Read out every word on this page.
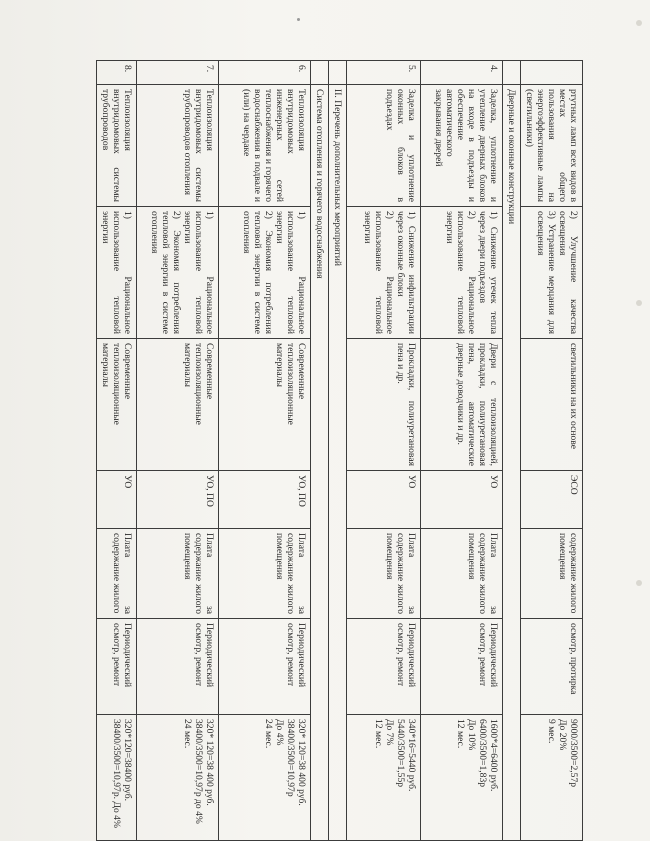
	ртутных ламп всех видов в местах общего пользования на энергоэффективные лампы (светильники)	2) Улучшение качества освещения
3) Устранение мерцания для освещения	светильники на их основе	ЭСО	содержание жилого помещения	осмотр, протирка	9000/3500=2,57р
До 20%
9 мес.
	Дверные и оконные конструкции						
4.	Заделка, уплотнение и утепление дверных блоков на входе в подъезды и обеспечение автоматического закрывания дверей	1) Снижение утечек тепла через двери подъездов
2) Рациональное использование тепловой энергии	Двери с теплоизоляцией, прокладки, полиуретановая пена, автоматические дверные доводчики и др.	УО	Плата за содержание жилого помещения	Периодический осмотр, ремонт	1600*4=6400 руб.
6400/3500=1,83р
До 10%
12 мес.
5.	Заделка и уплотнение оконных блоков в подъездах	1) Снижение инфильтрации через оконные блоки
2) Рациональное использование тепловой энергии	Прокладки, полиуретановая пена и др.	УО	Плата за содержание жилого помещения	Периодический осмотр, ремонт	340*16=5440 руб.
5440/3500=1,55р
До 7%
12 мес.
	II. Перечень дополнительных мероприятий						
	Система отопления и горячего водоснабжения						
6.	Теплоизоляция внутридомовых инженерных сетей теплоснабжения и горячего водоснабжения в подвале и (или) на чердаке	1) Рациональное использование тепловой энергии
2) Экономия потребления тепловой энергии в системе отопления	Современные теплоизоляционные материалы	УО, ПО	Плата за содержание жилого помещения	Периодический осмотр, ремонт	320* 120=38 400 руб.
38400/3500=10,97р
До 4%
24 мес.
7.	Теплоизоляция внутридомовых системы трубопроводов отопления	1) Рациональное использование тепловой энергии
2) Экономия потребления тепловой энергии в системе отопления	Современные теплоизоляционные материалы	УО, ПО	Плата за содержание жилого помещения	Периодический осмотр, ремонт	320* 120=38 400 руб.
38400/3500=10,97р до 4%
24 мес.
8.	Теплоизоляция внутридомовых системы трубопроводов	1) Рациональное использование тепловой энергии	Современные теплоизоляционные материалы	УО	Плата за содержание жилого	Периодический осмотр, ремонт	320*120=38400 руб.
38400/3500=10,97р. До 4%
